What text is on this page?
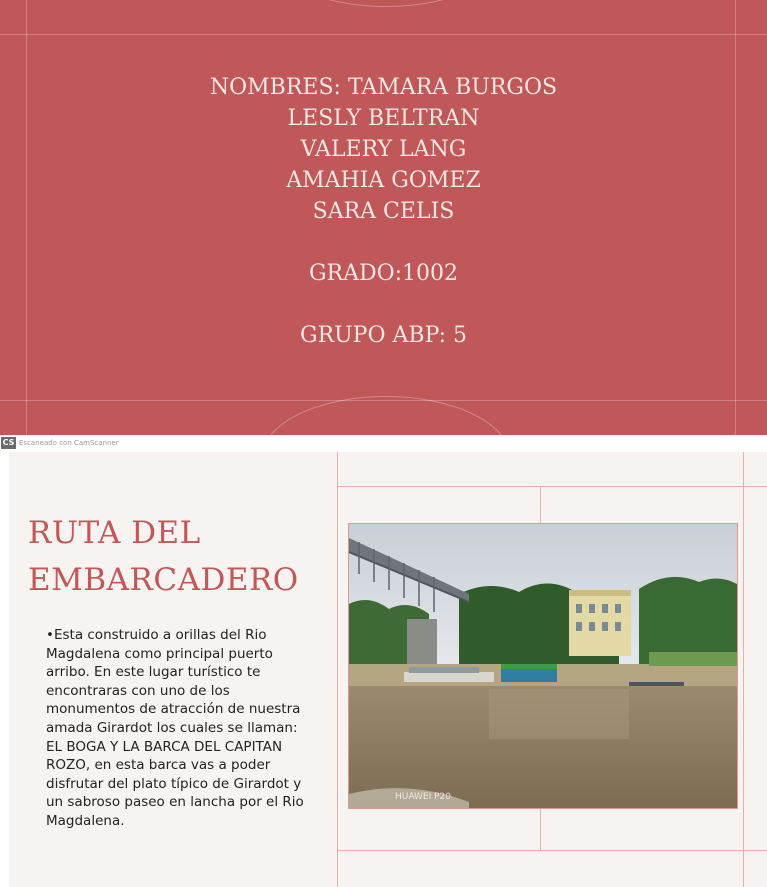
NOMBRES: TAMARA BURGOS
LESLY BELTRAN
VALERY LANG
AMAHIA GOMEZ
SARA CELIS
GRADO:1002
GRUPO ABP: 5
CS Escaneado con CamScanner
RUTA DEL
EMBARCADERO
•Esta construido a orillas del Rio Magdalena como principal puerto arribo. En este lugar turístico te encontraras con uno de los monumentos de atracción de nuestra amada Girardot los cuales se llaman: EL BOGA Y LA BARCA DEL CAPITAN ROZO, en esta barca vas a poder disfrutar del plato típico de Girardot y un sabroso paseo en lancha por el Rio Magdalena.
HUAWEI P20
